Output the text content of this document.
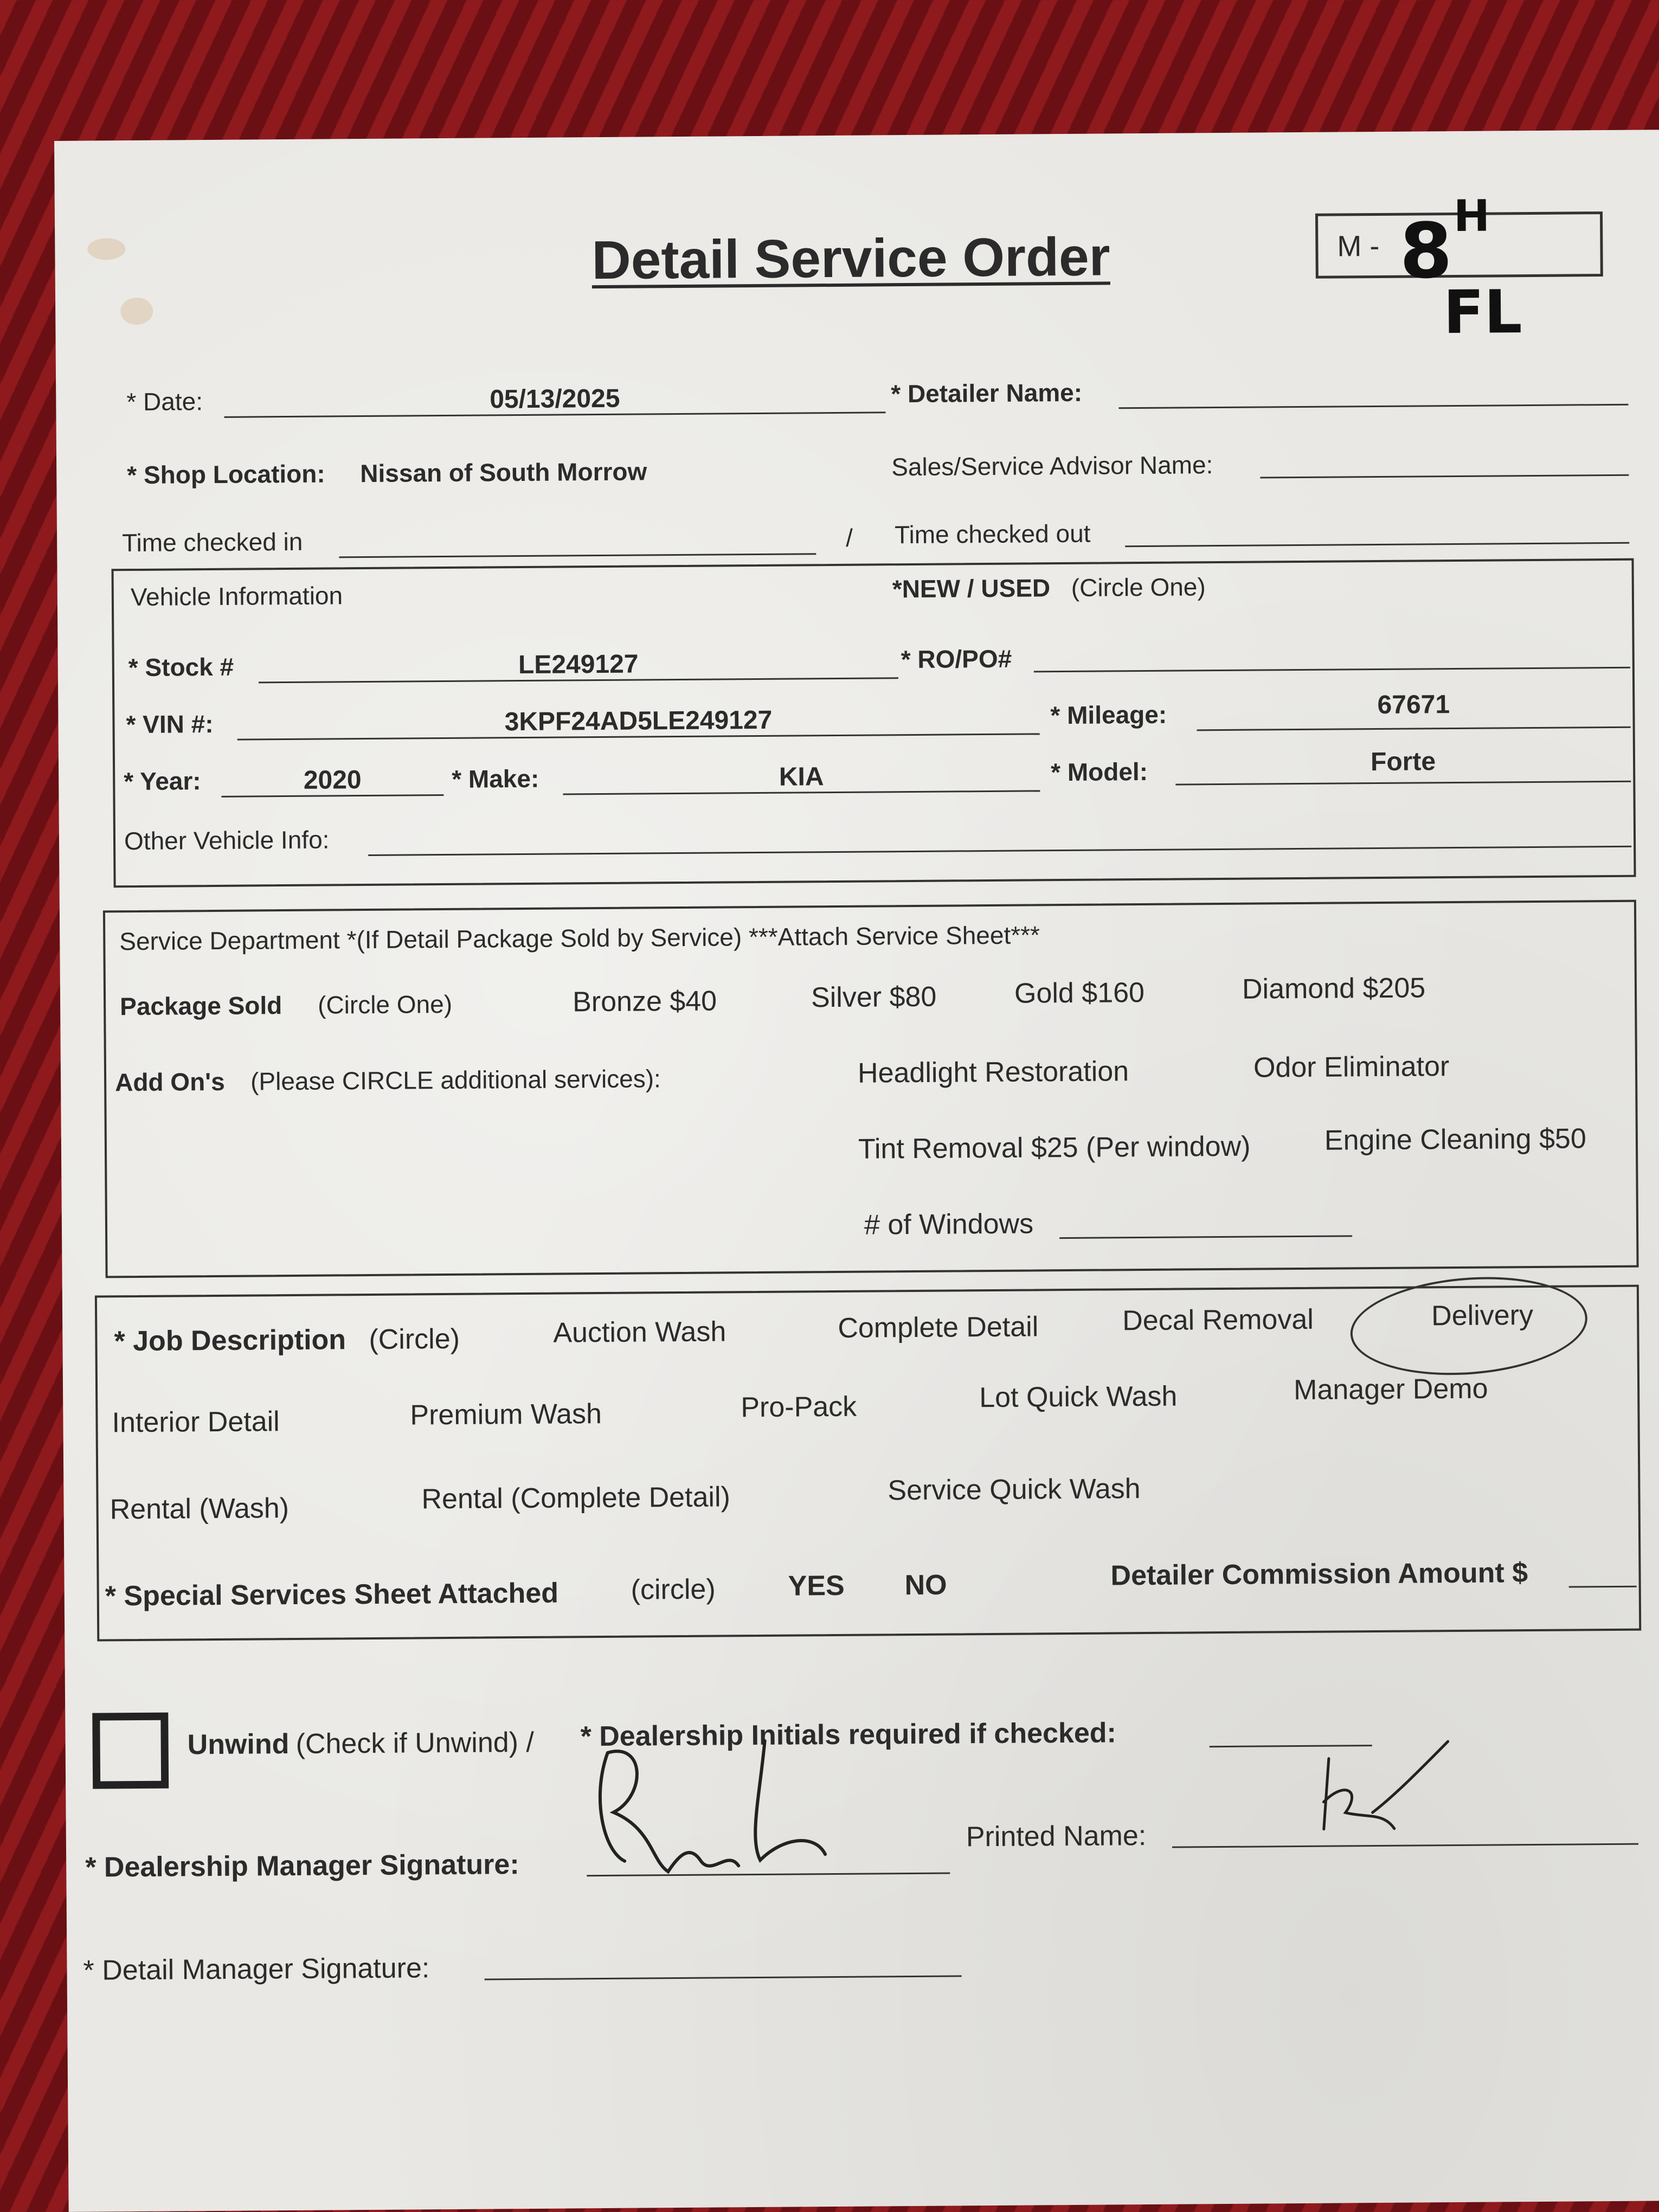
Detail Service Order	M - 8 H
FL
* Date:	05/13/2025	* Detailer Name:
* Shop Location: Nissan of South Morrow	Sales/Service Advisor Name:
Time checked in	/ Time checked out
Vehicle Information	*NEW / USED (Circle One)
* Stock #	LE249127	* RO/PO#
* VIN #:	3KPF24AD5LE249127	* Mileage:	67671
* Year:	2020	* Make:	KIA	* Model:	Forte
Other Vehicle Info:
Service Department *(If Detail Package Sold by Service) ***Attach Service Sheet***
Package Sold (Circle One)	Bronze $40	Silver $80	Gold $160	Diamond $205
Add On's (Please CIRCLE additional services):	Headlight Restoration	Odor Eliminator
Tint Removal $25 (Per window)	Engine Cleaning $50
# of Windows
* Job Description (Circle)	Auction Wash	Complete Detail	Decal Removal	Delivery
Interior Detail	Premium Wash	Pro-Pack	Lot Quick Wash	Manager Demo
Rental (Wash)	Rental (Complete Detail)	Service Quick Wash
* Special Services Sheet Attached	(circle)	YES NO	Detailer Commission Amount $
Unwind (Check if Unwind) / * Dealership Initials required if checked:
* Dealership Manager Signature:
Printed Name:
* Detail Manager Signature:
